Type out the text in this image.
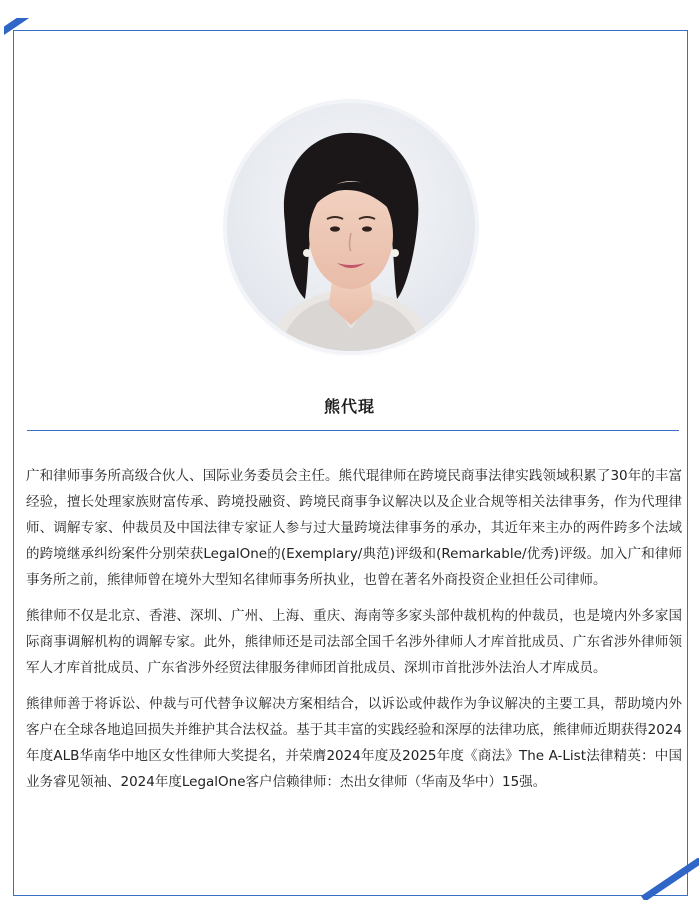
熊代琨

广和律师事务所高级合伙人、国际业务委员会主任。熊代琨律师在跨境民商事法律实践领域积累了30年的丰富经验，擅长处理家族财富传承、跨境投融资、跨境民商事争议解决以及企业合规等相关法律事务，作为代理律师、调解专家、仲裁员及中国法律专家证人参与过大量跨境法律事务的承办，其近年来主办的两件跨多个法域的跨境继承纠纷案件分别荣获LegalOne的(Exemplary/典范)评级和(Remarkable/优秀)评级。加入广和律师事务所之前，熊律师曾在境外大型知名律师事务所执业，也曾在著名外商投资企业担任公司律师。

熊律师不仅是北京、香港、深圳、广州、上海、重庆、海南等多家头部仲裁机构的仲裁员，也是境内外多家国际商事调解机构的调解专家。此外，熊律师还是司法部全国千名涉外律师人才库首批成员、广东省涉外律师领军人才库首批成员、广东省涉外经贸法律服务律师团首批成员、深圳市首批涉外法治人才库成员。

熊律师善于将诉讼、仲裁与可代替争议解决方案相结合，以诉讼或仲裁作为争议解决的主要工具，帮助境内外客户在全球各地追回损失并维护其合法权益。基于其丰富的实践经验和深厚的法律功底，熊律师近期获得2024年度ALB华南华中地区女性律师大奖提名，并荣膺2024年度及2025年度《商法》The A-List法律精英：中国业务睿见领袖、2024年度LegalOne客户信赖律师：杰出女律师（华南及华中）15强。
